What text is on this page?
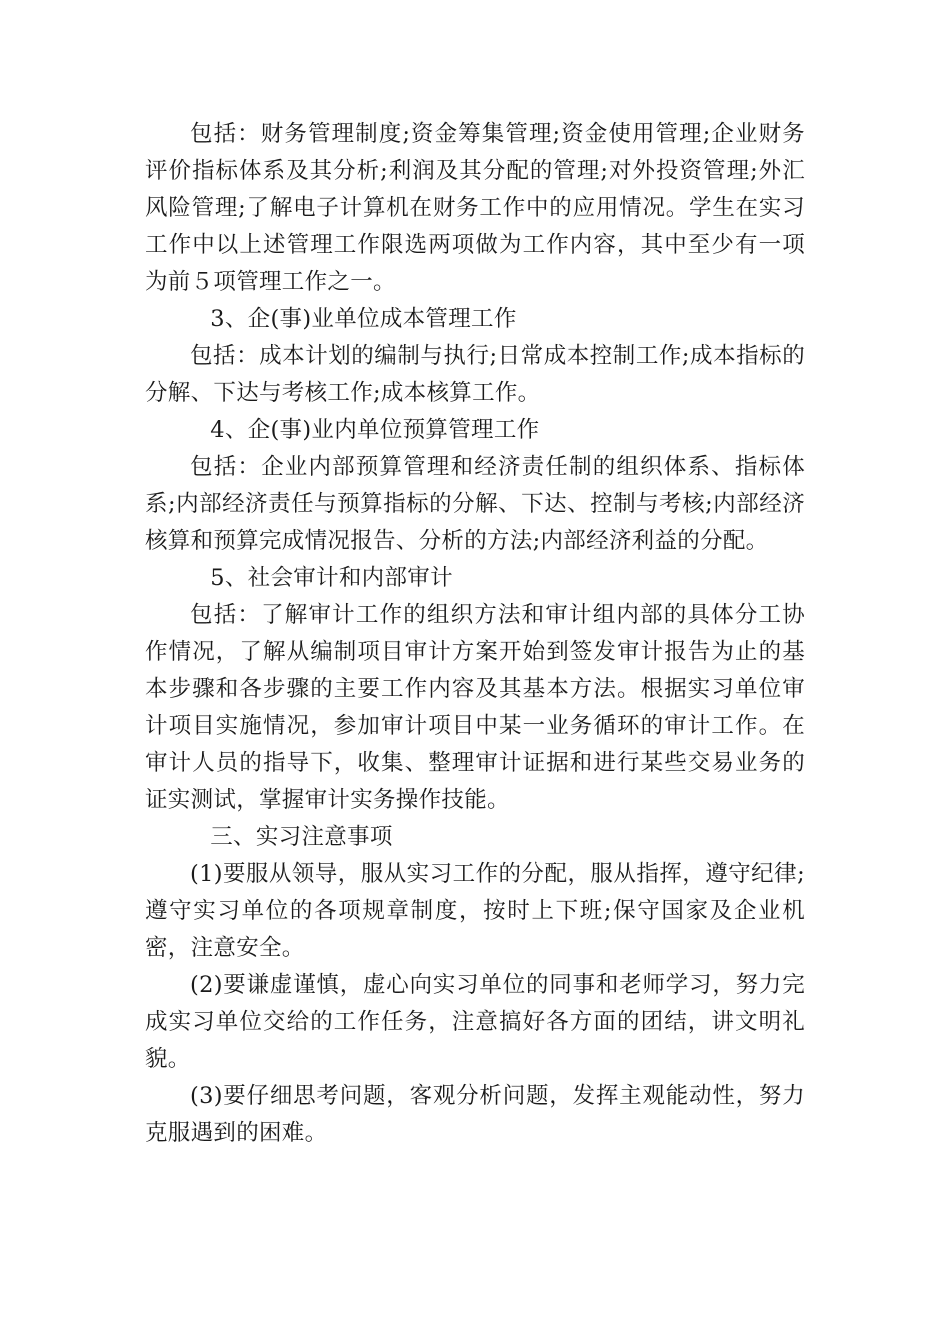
包括：财务管理制度;资金筹集管理;资金使用管理;企业财务评价指标体系及其分析;利润及其分配的管理;对外投资管理;外汇风险管理;了解电子计算机在财务工作中的应用情况。学生在实习工作中以上述管理工作限选两项做为工作内容，其中至少有一项为前５项管理工作之一。

3、企(事)业单位成本管理工作

包括：成本计划的编制与执行;日常成本控制工作;成本指标的分解、下达与考核工作;成本核算工作。

4、企(事)业内单位预算管理工作

包括：企业内部预算管理和经济责任制的组织体系、指标体系;内部经济责任与预算指标的分解、下达、控制与考核;内部经济核算和预算完成情况报告、分析的方法;内部经济利益的分配。

5、社会审计和内部审计

包括：了解审计工作的组织方法和审计组内部的具体分工协作情况，了解从编制项目审计方案开始到签发审计报告为止的基本步骤和各步骤的主要工作内容及其基本方法。根据实习单位审计项目实施情况，参加审计项目中某一业务循环的审计工作。在审计人员的指导下，收集、整理审计证据和进行某些交易业务的证实测试，掌握审计实务操作技能。

三、实习注意事项

(1)要服从领导，服从实习工作的分配，服从指挥，遵守纪律;遵守实习单位的各项规章制度，按时上下班;保守国家及企业机密，注意安全。

(2)要谦虚谨慎，虚心向实习单位的同事和老师学习，努力完成实习单位交给的工作任务，注意搞好各方面的团结，讲文明礼貌。

(3)要仔细思考问题，客观分析问题，发挥主观能动性，努力克服遇到的困难。
